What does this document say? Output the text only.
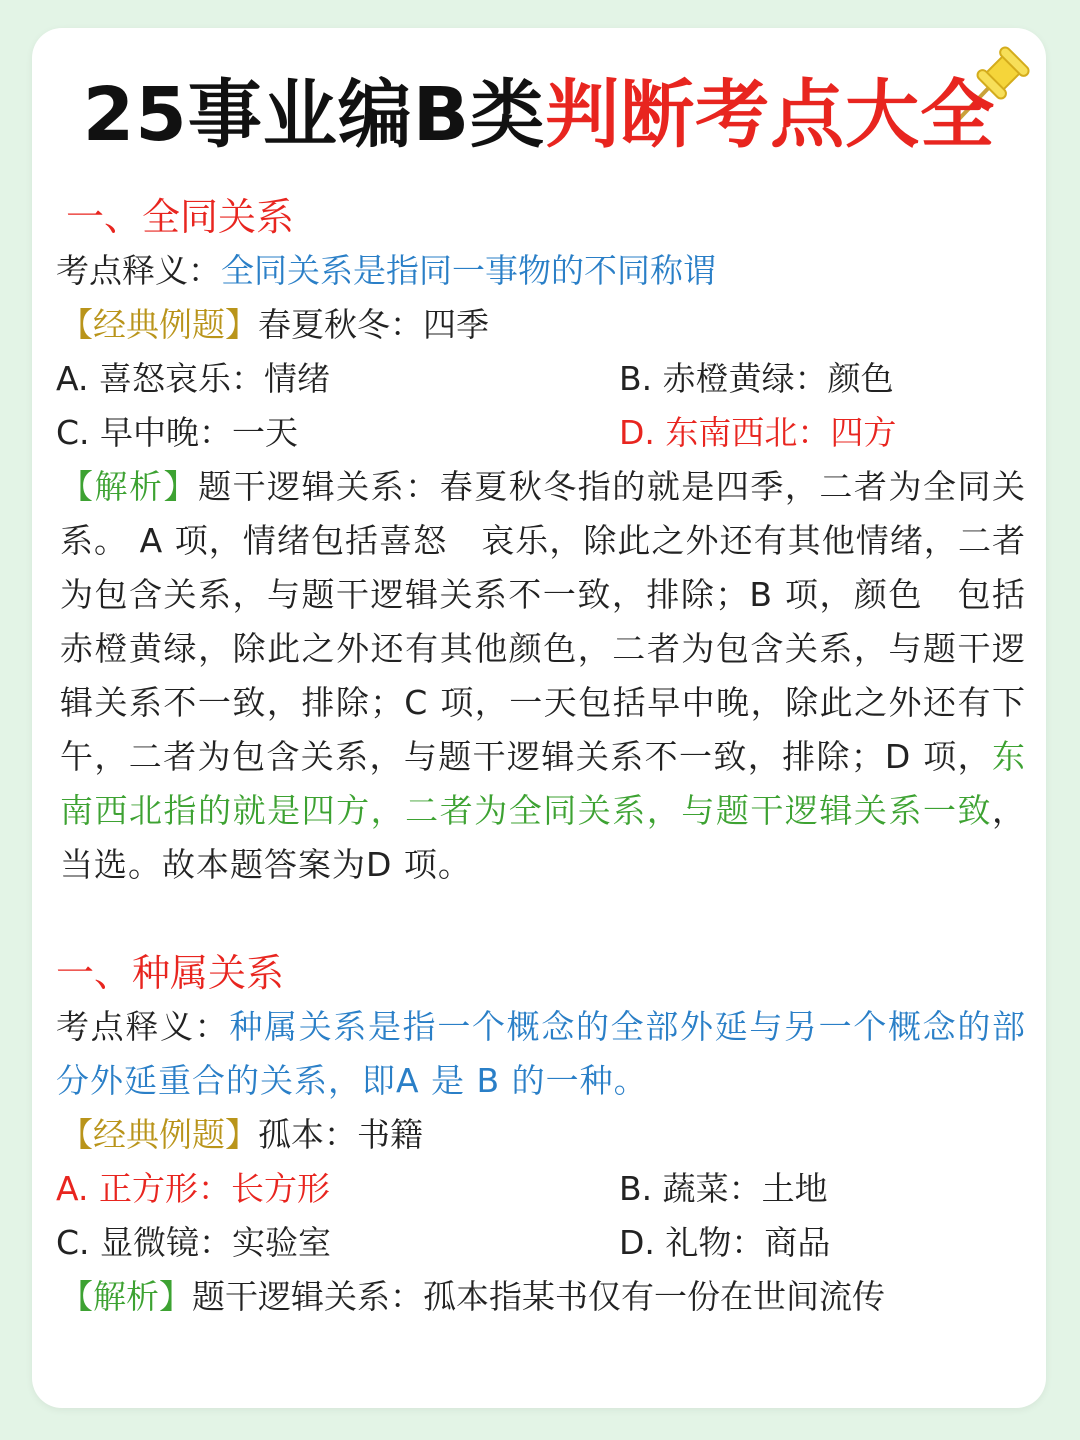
25事业编B类判断考点大全
一、全同关系
考点释义：全同关系是指同一事物的不同称谓
【经典例题】春夏秋冬：四季
A. 喜怒哀乐：情绪	B. 赤橙黄绿：颜色
C. 早中晚：一天	D. 东南西北：四方
【解析】题干逻辑关系：春夏秋冬指的就是四季，二者为全同关系。 A 项，情绪包括喜怒　哀乐，除此之外还有其他情绪，二者为包含关系，与题干逻辑关系不一致，排除；B 项，颜色　包括赤橙黄绿，除此之外还有其他颜色，二者为包含关系，与题干逻辑关系不一致，排除；C 项，一天包括早中晚，除此之外还有下午，二者为包含关系，与题干逻辑关系不一致，排除；D 项，东南西北指的就是四方，二者为全同关系，与题干逻辑关系一致，当选。故本题答案为D 项。
一、种属关系
考点释义：种属关系是指一个概念的全部外延与另一个概念的部分外延重合的关系，即A 是 B 的一种。
【经典例题】孤本：书籍
A. 正方形：长方形	B. 蔬菜：土地
C. 显微镜：实验室	D. 礼物：商品
【解析】题干逻辑关系：孤本指某书仅有一份在世间流传
